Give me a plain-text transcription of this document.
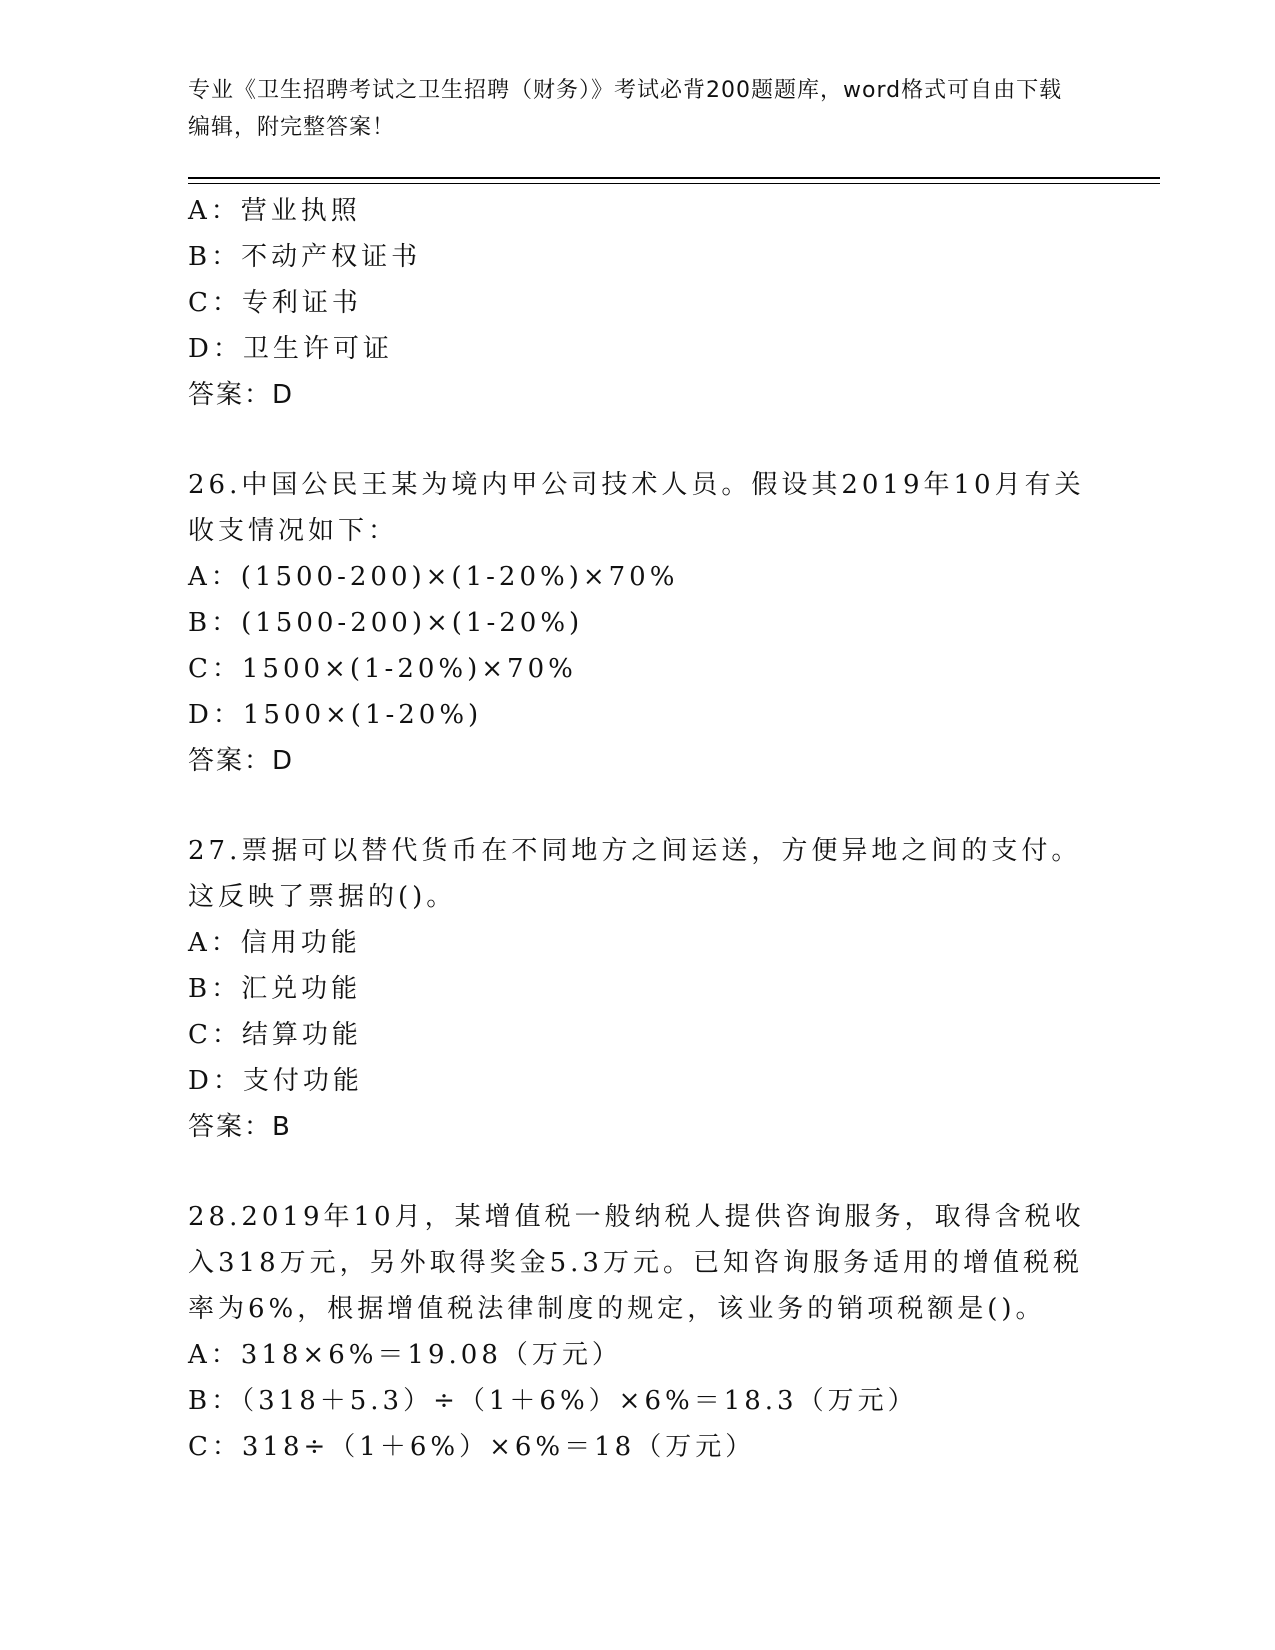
专业《卫生招聘考试之卫生招聘（财务）》考试必背200题题库，word格式可自由下载编辑，附完整答案！
A：营业执照
B：不动产权证书
C：专利证书
D：卫生许可证
答案：D
26.中国公民王某为境内甲公司技术人员。假设其2019年10月有关收支情况如下：
A：(1500-200)×(1-20%)×70%
B：(1500-200)×(1-20%)
C：1500×(1-20%)×70%
D：1500×(1-20%)
答案：D
27.票据可以替代货币在不同地方之间运送，方便异地之间的支付。这反映了票据的()。
A：信用功能
B：汇兑功能
C：结算功能
D：支付功能
答案：B
28.2019年10月，某增值税一般纳税人提供咨询服务，取得含税收入318万元，另外取得奖金5.3万元。已知咨询服务适用的增值税税率为6%，根据增值税法律制度的规定，该业务的销项税额是()。
A：318×6%＝19.08（万元）
B：（318＋5.3）÷（1＋6%）×6%＝18.3（万元）
C：318÷（1＋6%）×6%＝18（万元）
